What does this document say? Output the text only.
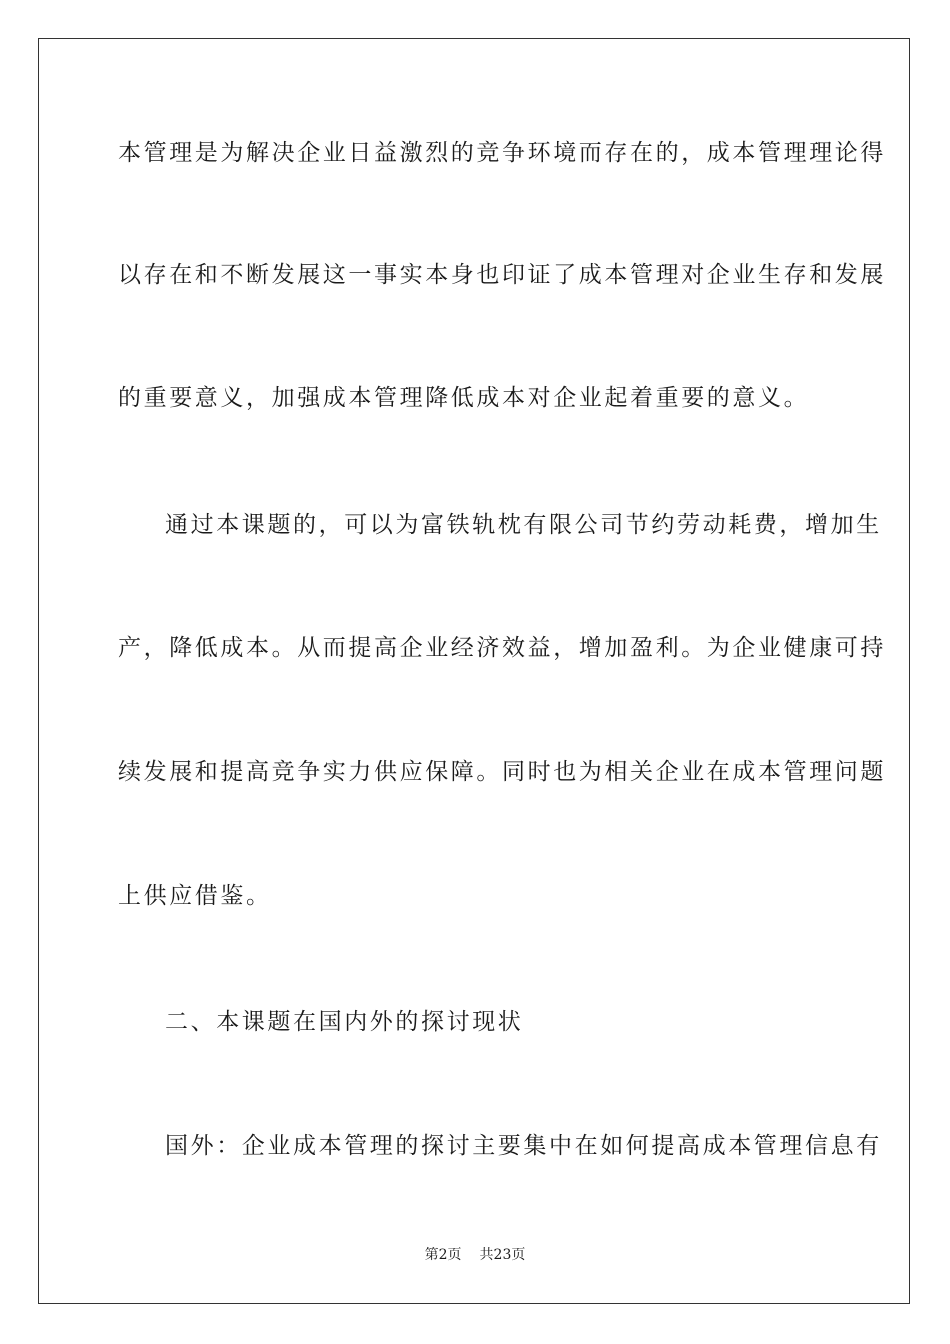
本管理是为解决企业日益激烈的竞争环境而存在的，成本管理理论得
以存在和不断发展这一事实本身也印证了成本管理对企业生存和发展
的重要意义，加强成本管理降低成本对企业起着重要的意义。
通过本课题的，可以为富铁轨枕有限公司节约劳动耗费，增加生
产，降低成本。从而提高企业经济效益，增加盈利。为企业健康可持
续发展和提高竞争实力供应保障。同时也为相关企业在成本管理问题
上供应借鉴。
二、本课题在国内外的探讨现状
国外：企业成本管理的探讨主要集中在如何提高成本管理信息有
第2页 共23页
